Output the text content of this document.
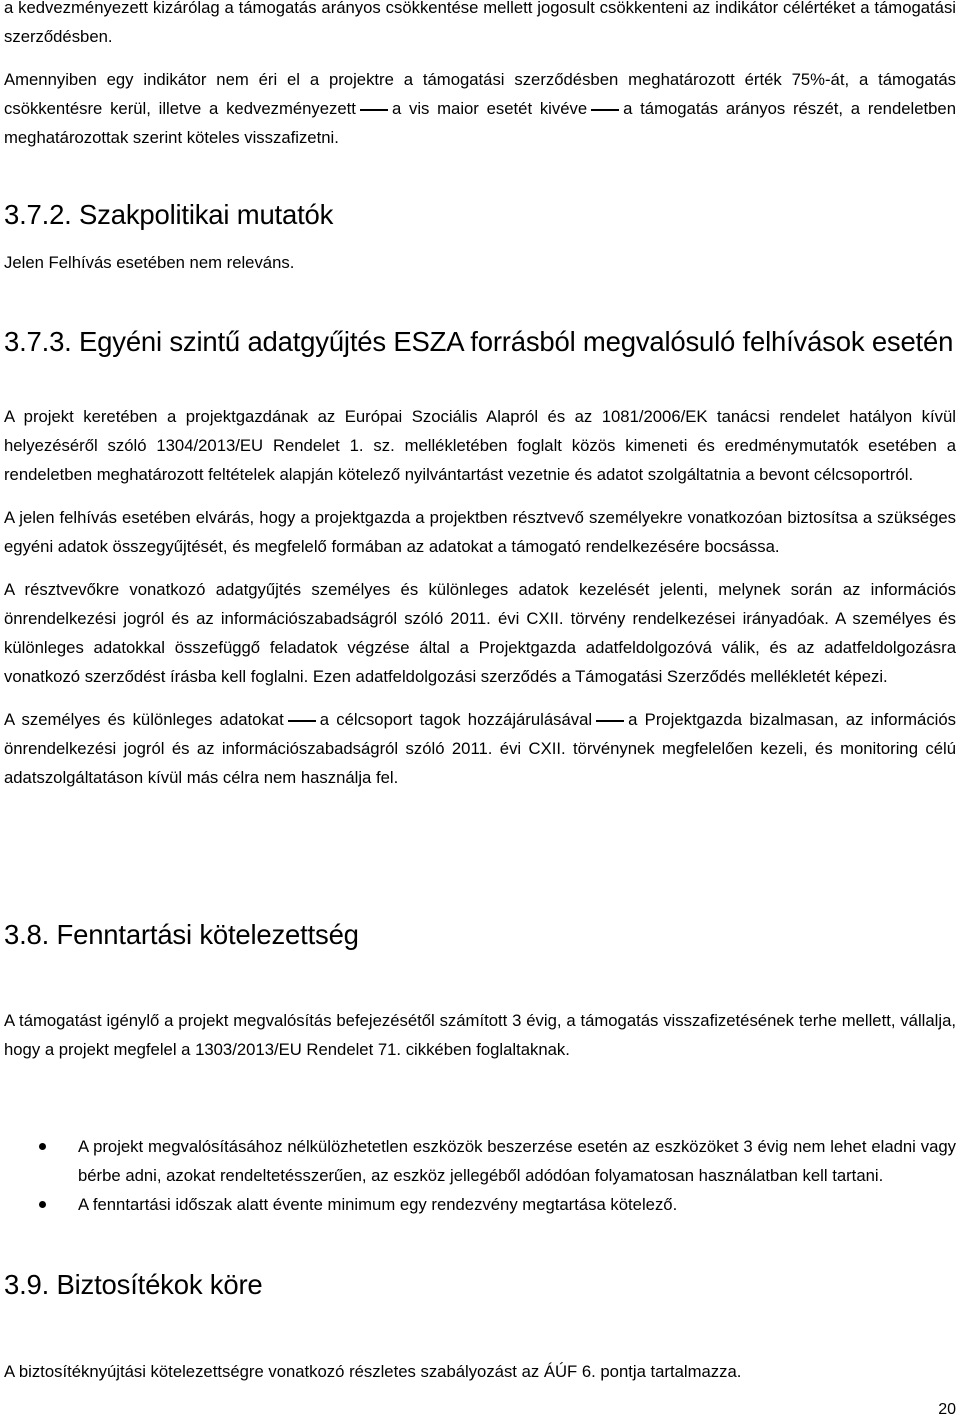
a kedvezményezett kizárólag a támogatás arányos csökkentése mellett jogosult csökkenteni az indikátor célértéket a támogatási szerződésben.

Amennyiben egy indikátor nem éri el a projektre a támogatási szerződésben meghatározott érték 75%-át, a támogatás csökkentésre kerül, illetve a kedvezményezett a vis maior esetét kivéve a támogatás arányos részét, a rendeletben meghatározottak szerint köteles visszafizetni.

3.7.2. Szakpolitikai mutatók

Jelen Felhívás esetében nem releváns.

3.7.3. Egyéni szintű adatgyűjtés ESZA forrásból megvalósuló felhívások esetén

A projekt keretében a projektgazdának az Európai Szociális Alapról és az 1081/2006/EK tanácsi rendelet hatályon kívül helyezéséről szóló 1304/2013/EU Rendelet 1. sz. mellékletében foglalt közös kimeneti és eredménymutatók esetében a rendeletben meghatározott feltételek alapján kötelező nyilvántartást vezetnie és adatot szolgáltatnia a bevont célcsoportról.

A jelen felhívás esetében elvárás, hogy a projektgazda a projektben résztvevő személyekre vonatkozóan biztosítsa a szükséges egyéni adatok összegyűjtését, és megfelelő formában az adatokat a támogató rendelkezésére bocsássa.

A résztvevőkre vonatkozó adatgyűjtés személyes és különleges adatok kezelését jelenti, melynek során az információs önrendelkezési jogról és az információszabadságról szóló 2011. évi CXII. törvény rendelkezései irányadóak. A személyes és különleges adatokkal összefüggő feladatok végzése által a Projektgazda adatfeldolgozóvá válik, és az adatfeldolgozásra vonatkozó szerződést írásba kell foglalni. Ezen adatfeldolgozási szerződés a Támogatási Szerződés mellékletét képezi.

A személyes és különleges adatokat a célcsoport tagok hozzájárulásával a Projektgazda bizalmasan, az információs önrendelkezési jogról és az információszabadságról szóló 2011. évi CXII. törvénynek megfelelően kezeli, és monitoring célú adatszolgáltatáson kívül más célra nem használja fel.

3.8. Fenntartási kötelezettség

A támogatást igénylő a projekt megvalósítás befejezésétől számított 3 évig, a támogatás visszafizetésének terhe mellett, vállalja, hogy a projekt megfelel a 1303/2013/EU Rendelet 71. cikkében foglaltaknak.

A projekt megvalósításához nélkülözhetetlen eszközök beszerzése esetén az eszközöket 3 évig nem lehet eladni vagy bérbe adni, azokat rendeltetésszerűen, az eszköz jellegéből adódóan folyamatosan használatban kell tartani.
A fenntartási időszak alatt évente minimum egy rendezvény megtartása kötelező.
3.9. Biztosítékok köre

A biztosítéknyújtási kötelezettségre vonatkozó részletes szabályozást az ÁÚF 6. pontja tartalmazza.

20
